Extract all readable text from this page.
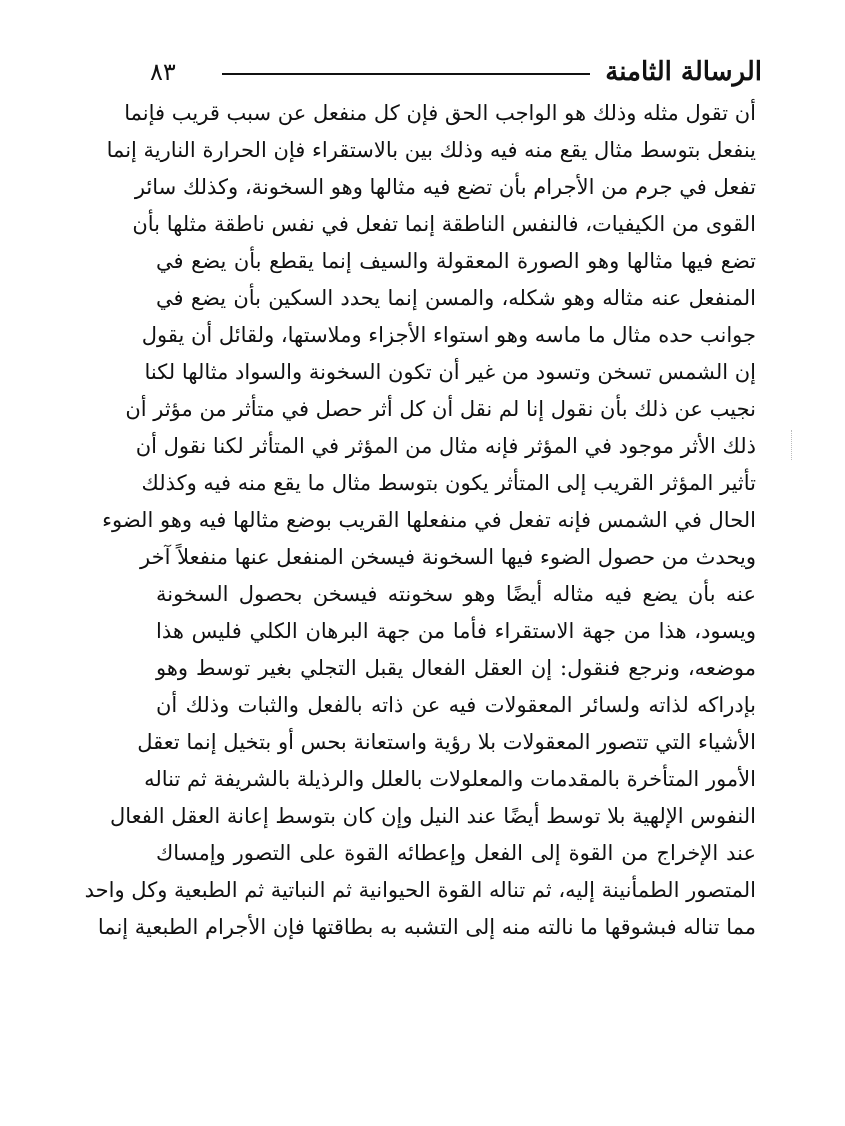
الرسالة الثامنة
٨٣
أن تقول مثله وذلك هو الواجب الحق فإن كل منفعل عن سبب قريب فإنما
ينفعل بتوسط مثال يقع منه فيه وذلك بين بالاستقراء فإن الحرارة النارية إنما
تفعل في جرم من الأجرام بأن تضع فيه مثالها وهو السخونة، وكذلك سائر
القوى من الكيفيات، فالنفس الناطقة إنما تفعل في نفس ناطقة مثلها بأن
تضع فيها مثالها وهو الصورة المعقولة والسيف إنما يقطع بأن يضع في
المنفعل عنه مثاله وهو شكله، والمسن إنما يحدد السكين بأن يضع في
جوانب حده مثال ما ماسه وهو استواء الأجزاء وملاستها، ولقائل أن يقول
إن الشمس تسخن وتسود من غير أن تكون السخونة والسواد مثالها لكنا
نجيب عن ذلك بأن نقول إنا لم نقل أن كل أثر حصل في متأثر من مؤثر أن
ذلك الأثر موجود في المؤثر فإنه مثال من المؤثر في المتأثر لكنا نقول أن
تأثير المؤثر القريب إلى المتأثر يكون بتوسط مثال ما يقع منه فيه وكذلك
الحال في الشمس فإنه تفعل في منفعلها القريب بوضع مثالها فيه وهو الضوء
ويحدث من حصول الضوء فيها السخونة فيسخن المنفعل عنها منفعلاً آخر
عنه بأن يضع فيه مثاله أيضًا وهو سخونته فيسخن بحصول السخونة
ويسود، هذا من جهة الاستقراء فأما من جهة البرهان الكلي فليس هذا
موضعه، ونرجع فنقول: إن العقل الفعال يقبل التجلي بغير توسط وهو
بإدراكه لذاته ولسائر المعقولات فيه عن ذاته بالفعل والثبات وذلك أن
الأشياء التي تتصور المعقولات بلا رؤية واستعانة بحس أو بتخيل إنما تعقل
الأمور المتأخرة بالمقدمات والمعلولات بالعلل والرذيلة بالشريفة ثم تناله
النفوس الإلهية بلا توسط أيضًا عند النيل وإن كان بتوسط إعانة العقل الفعال
عند الإخراج من القوة إلى الفعل وإعطائه القوة على التصور وإمساك
المتصور الطمأنينة إليه، ثم تناله القوة الحيوانية ثم النباتية ثم الطبعية وكل واحد
مما تناله فبشوقها ما نالته منه إلى التشبه به بطاقتها فإن الأجرام الطبعية إنما
